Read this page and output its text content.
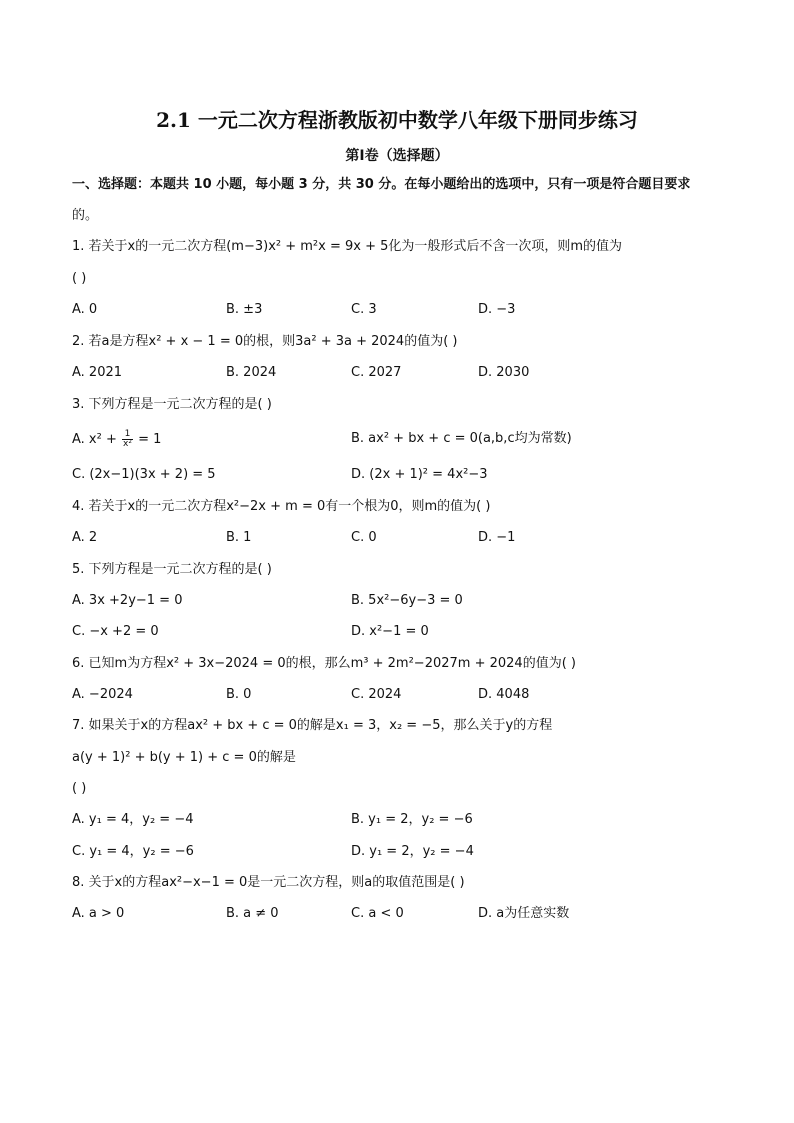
2.1 一元二次方程浙教版初中数学八年级下册同步练习
第Ⅰ卷（选择题）
一、选择题：本题共 10 小题，每小题 3 分，共 30 分。在每小题给出的选项中，只有一项是符合题目要求
的。
1. 若关于x的一元二次方程(m−3)x² + m²x = 9x + 5化为一般形式后不含一次项，则m的值为
( )
A. 0	B. ±3	C. 3	D. −3
2. 若a是方程x² + x − 1 = 0的根，则3a² + 3a + 2024的值为( )
A. 2021	B. 2024	C. 2027	D. 2030
3. 下列方程是一元二次方程的是( )
A. $x^2 + \frac{1}{\text{x²}} = 1$	B. ax² + bx + c = 0(a,b,c均为常数)
C. (2x−1)(3x + 2) = 5	D. (2x + 1)² = 4x²−3
4. 若关于x的一元二次方程x²−2x + m = 0有一个根为0，则m的值为( )
A. 2	B. 1	C. 0	D. −1
5. 下列方程是一元二次方程的是( )
A. 3x +2y−1 = 0	B. 5x²−6y−3 = 0
C. −x +2 = 0	D. x²−1 = 0
6. 已知m为方程x² + 3x−2024 = 0的根，那么m³ + 2m²−2027m + 2024的值为( )
A. −2024	B. 0	C. 2024	D. 4048
7. 如果关于x的方程ax² + bx + c = 0的解是x₁ = 3，x₂ = −5，那么关于y的方程
a(y + 1)² + b(y + 1) + c = 0的解是
( )
A. y₁ = 4，y₂ = −4	B. y₁ = 2，y₂ = −6
C. y₁ = 4，y₂ = −6	D. y₁ = 2，y₂ = −4
8. 关于x的方程ax²−x−1 = 0是一元二次方程，则a的取值范围是( )
A. a > 0	B. a ≠ 0	C. a < 0	D. a为任意实数
